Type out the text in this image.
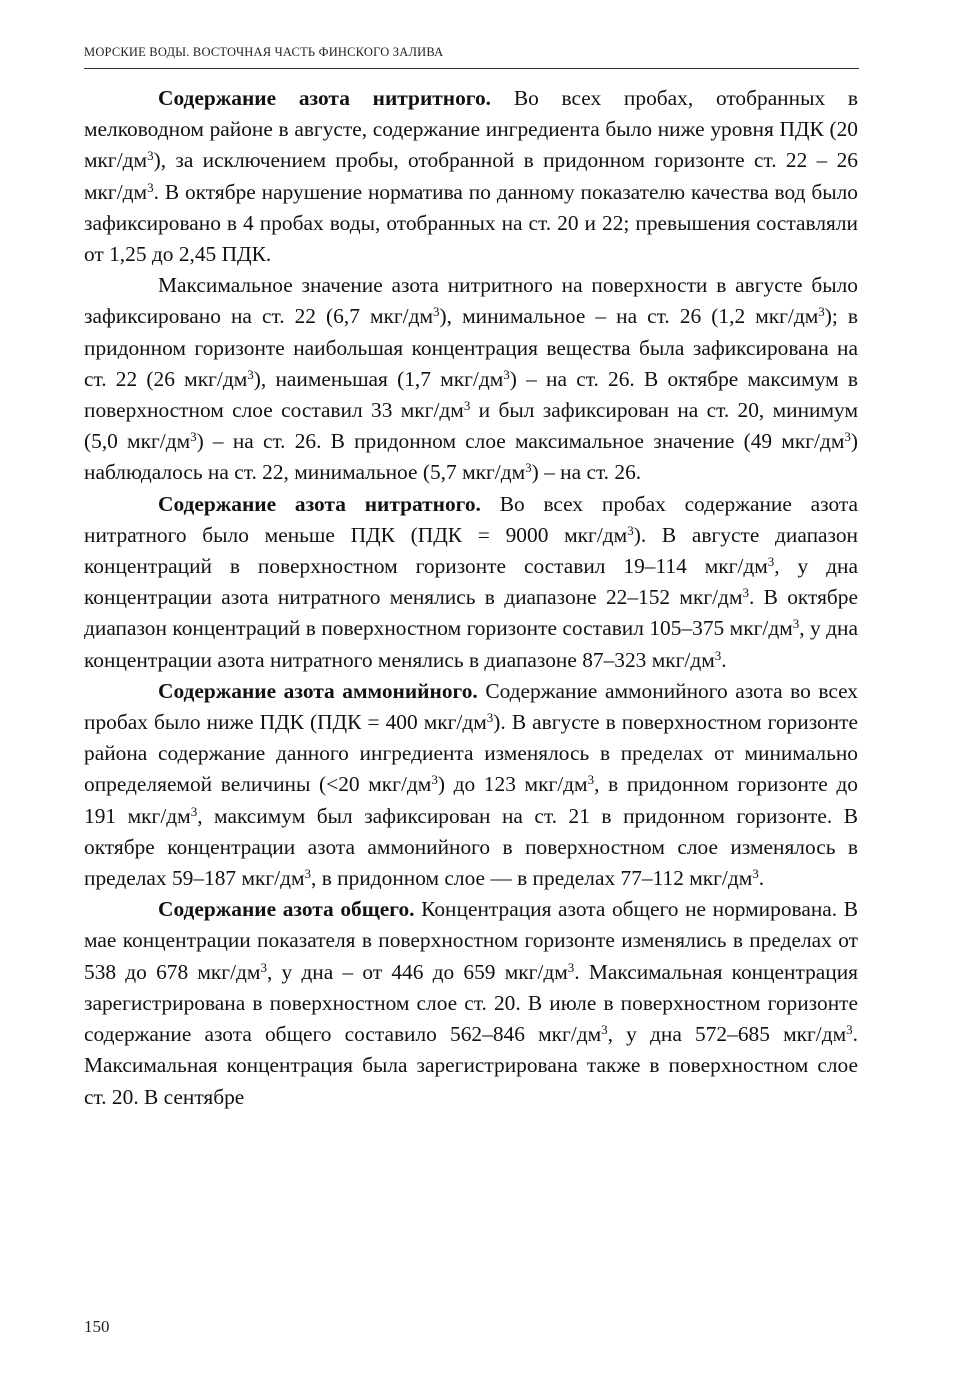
МОРСКИЕ ВОДЫ. ВОСТОЧНАЯ ЧАСТЬ ФИНСКОГО ЗАЛИВА

Содержание азота нитритного. Во всех пробах, отобранных в мелководном районе в августе, содержание ингредиента было ниже уровня ПДК (20 мкг/$дм^3$), за исключением пробы, отобранной в придонном горизонте ст. 22 – 26 мкг/$дм^3$. В октябре нарушение норматива по данному показателю качества вод было зафиксировано в 4 пробах воды, отобранных на ст. 20 и 22; превышения составляли от 1,25 до 2,45 ПДК.

Максимальное значение азота нитритного на поверхности в августе было зафиксировано на ст. 22 (6,7 мкг/$дм^3$), минимальное – на ст. 26 (1,2 мкг/$дм^3$); в придонном горизонте наибольшая концентрация вещества была зафиксирована на ст. 22 (26 мкг/$дм^3$), наименьшая (1,7 мкг/$дм^3$) – на ст. 26. В октябре максимум в поверхностном слое составил 33 мкг/$дм^3$ и был зафиксирован на ст. 20, минимум (5,0 мкг/$дм^3$) – на ст. 26. В придонном слое максимальное значение (49 мкг/$дм^3$) наблюдалось на ст. 22, минимальное (5,7 мкг/$дм^3$) – на ст. 26.

Содержание азота нитратного. Во всех пробах содержание азота нитратного было меньше ПДК (ПДК = 9000 мкг/$дм^3$). В августе диапазон концентраций в поверхностном горизонте составил 19–114 мкг/$дм^3$, у дна концентрации азота нитратного менялись в диапазоне 22–152 мкг/$дм^3$. В октябре диапазон концентраций в поверхностном горизонте составил 105–375 мкг/$дм^3$, у дна концентрации азота нитратного менялись в диапазоне 87–323 мкг/$дм^3$.

Содержание азота аммонийного. Содержание аммонийного азота во всех пробах было ниже ПДК (ПДК = 400 мкг/$дм^3$). В августе в поверхностном горизонте района содержание данного ингредиента изменялось в пределах от минимально определяемой величины (<20 мкг/$дм^3$) до 123 мкг/$дм^3$, в придонном горизонте до 191 мкг/$дм^3$, максимум был зафиксирован на ст. 21 в придонном горизонте. В октябре концентрации азота аммонийного в поверхностном слое изменялось в пределах 59–187 мкг/$дм^3$, в придонном слое — в пределах 77–112 мкг/$дм^3$.

Содержание азота общего. Концентрация азота общего не нормирована. В мае концентрации показателя в поверхностном горизонте изменялись в пределах от 538 до 678 мкг/$дм^3$, у дна – от 446 до 659 мкг/$дм^3$. Максимальная концентрация зарегистрирована в поверхностном слое ст. 20. В июле в поверхностном горизонте содержание азота общего составило 562–846 мкг/$дм^3$, у дна 572–685 мкг/$дм^3$. Максимальная концентрация была зарегистрирована также в поверхностном слое ст. 20. В сентябре

150
